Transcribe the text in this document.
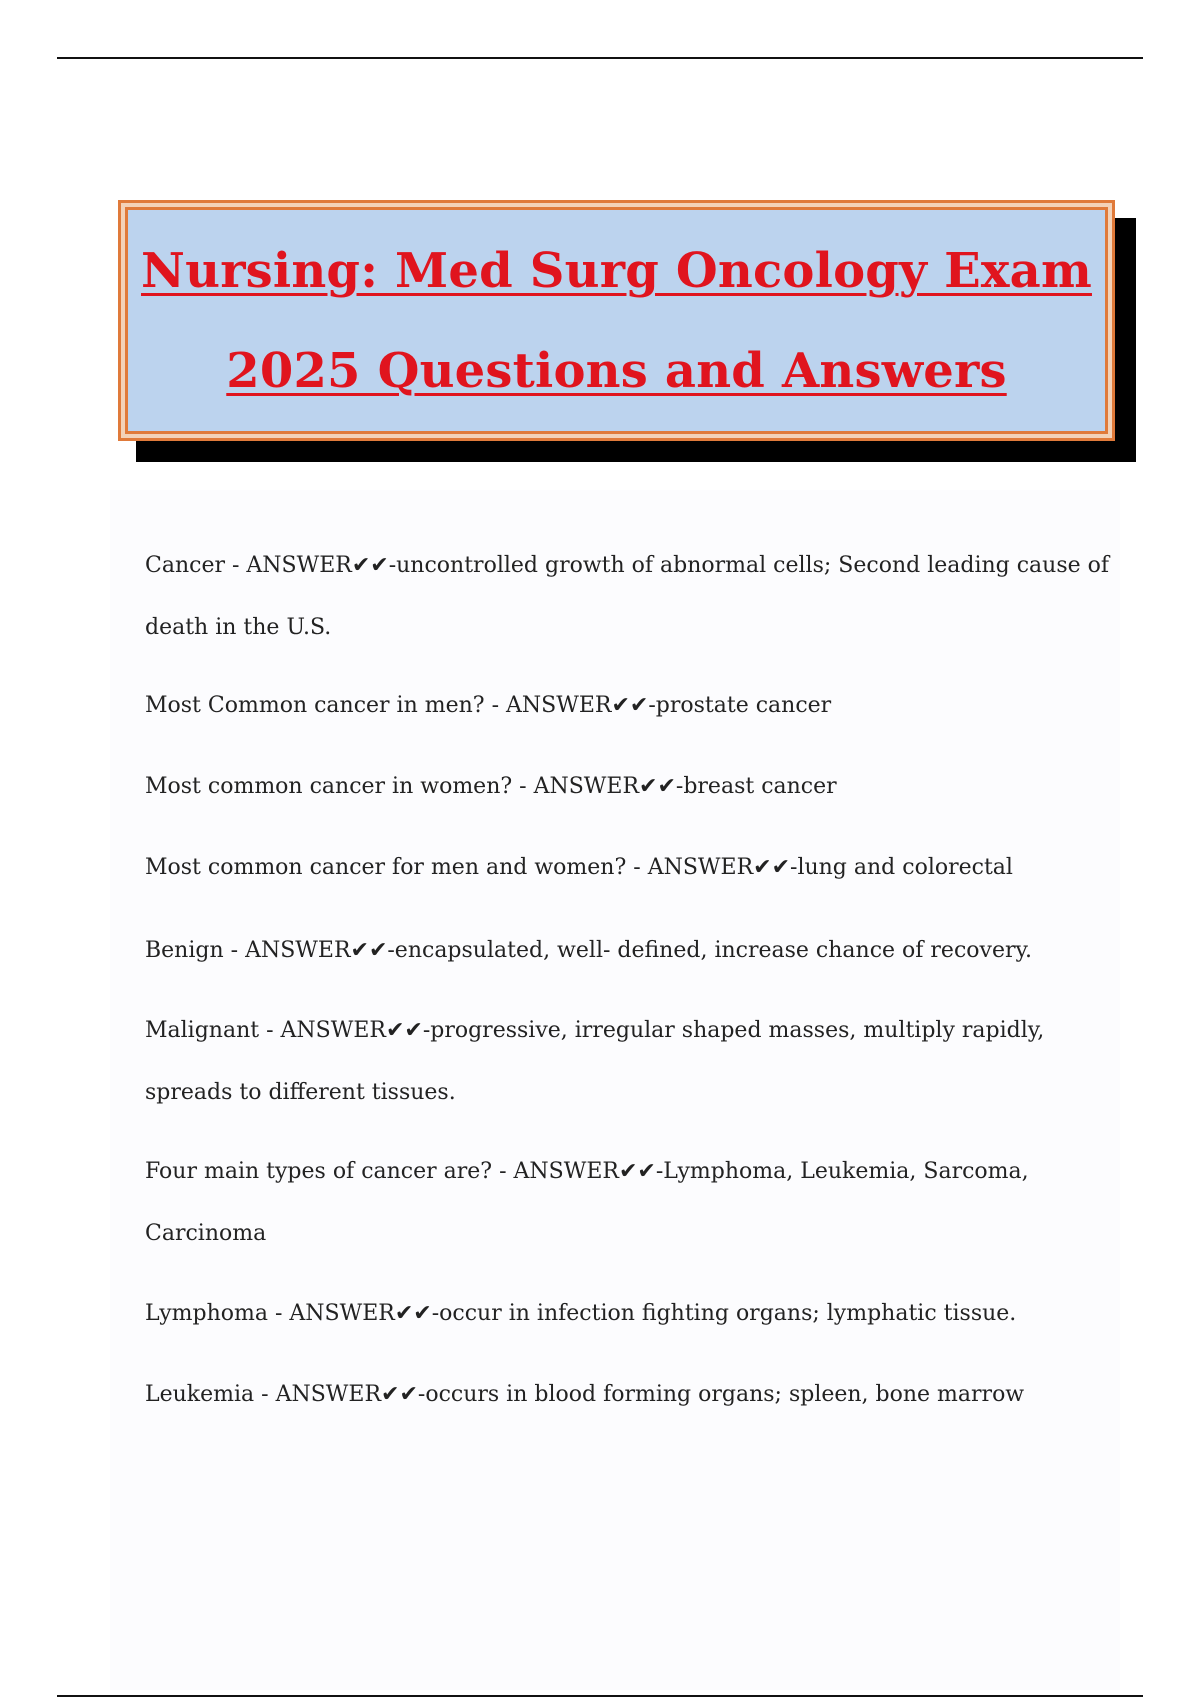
Nursing: Med Surg Oncology Exam
2025 Questions and Answers
Cancer - ANSWER✔✔-uncontrolled growth of abnormal cells; Second leading cause of
death in the U.S.
Most Common cancer in men? - ANSWER✔✔-prostate cancer
Most common cancer in women? - ANSWER✔✔-breast cancer
Most common cancer for men and women? - ANSWER✔✔-lung and colorectal
Benign - ANSWER✔✔-encapsulated, well- defined, increase chance of recovery.
Malignant - ANSWER✔✔-progressive, irregular shaped masses, multiply rapidly,
spreads to different tissues.
Four main types of cancer are? - ANSWER✔✔-Lymphoma, Leukemia, Sarcoma,
Carcinoma
Lymphoma - ANSWER✔✔-occur in infection fighting organs; lymphatic tissue.
Leukemia - ANSWER✔✔-occurs in blood forming organs; spleen, bone marrow
